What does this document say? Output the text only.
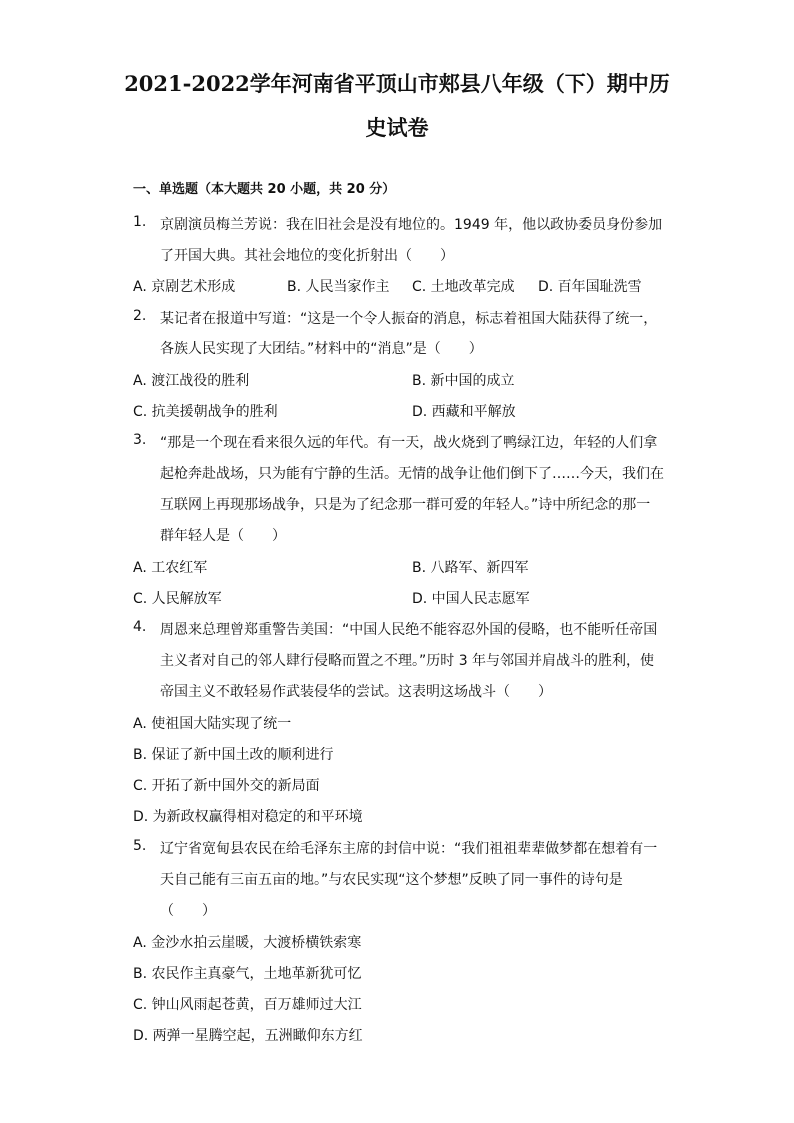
2021-2022学年河南省平顶山市郏县八年级（下）期中历
史试卷
一、单选题（本大题共 20 小题，共 20 分）
1. 京剧演员梅兰芳说：我在旧社会是没有地位的。1949 年，他以政协委员身份参加
了开国大典。其社会地位的变化折射出（　　）
A. 京剧艺术形成	B. 人民当家作主 C. 土地改革完成 D. 百年国耻洗雪
2. 某记者在报道中写道：“这是一个令人振奋的消息，标志着祖国大陆获得了统一，
各族人民实现了大团结。”材料中的“消息”是（　　）
A. 渡江战役的胜利	B. 新中国的成立
C. 抗美援朝战争的胜利	D. 西藏和平解放
3. “那是一个现在看来很久远的年代。有一天，战火烧到了鸭绿江边，年轻的人们拿
起枪奔赴战场，只为能有宁静的生活。无情的战争让他们倒下了……今天，我们在
互联网上再现那场战争，只是为了纪念那一群可爱的年轻人。”诗中所纪念的那一
群年轻人是（　　）
A. 工农红军	B. 八路军、新四军
C. 人民解放军	D. 中国人民志愿军
4. 周恩来总理曾郑重警告美国：“中国人民绝不能容忍外国的侵略，也不能听任帝国
主义者对自己的邻人肆行侵略而置之不理。”历时 3 年与邻国并肩战斗的胜利，使
帝国主义不敢轻易作武装侵华的尝试。这表明这场战斗（　　）
A. 使祖国大陆实现了统一
B. 保证了新中国土改的顺利进行
C. 开拓了新中国外交的新局面
D. 为新政权赢得相对稳定的和平环境
5. 辽宁省宽甸县农民在给毛泽东主席的封信中说：“我们祖祖辈辈做梦都在想着有一
天自己能有三亩五亩的地。”与农民实现“这个梦想”反映了同一事件的诗句是
（　　）
A. 金沙水拍云崖暖，大渡桥横铁索寒
B. 农民作主真豪气，土地革新犹可忆
C. 钟山风雨起苍黄，百万雄师过大江
D. 两弹一星腾空起，五洲瞰仰东方红
